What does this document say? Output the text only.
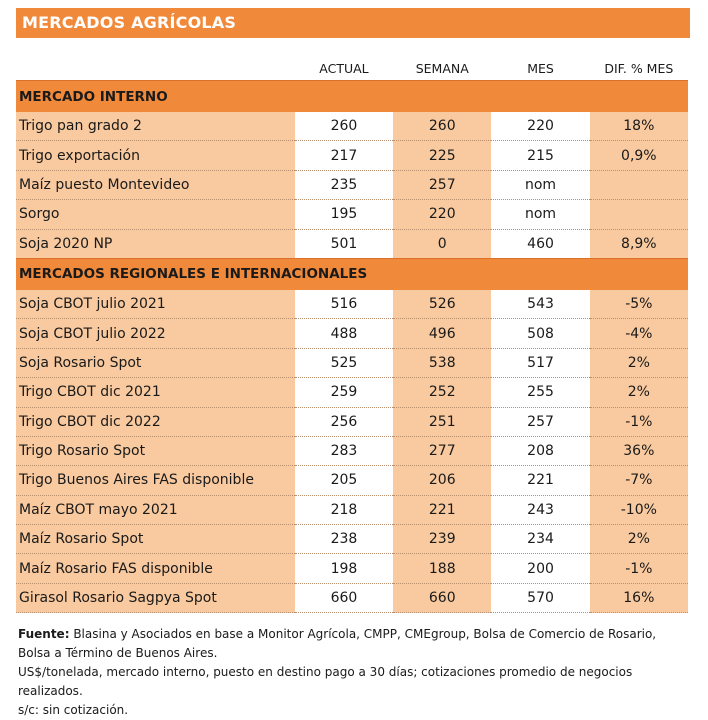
MERCADOS AGRÍCOLAS
	ACTUAL	SEMANA	MES	DIF. % MES
MERCADO INTERNO				
Trigo pan grado 2	260	260	220	18%
Trigo exportación	217	225	215	0,9%
Maíz puesto Montevideo	235	257	nom	
Sorgo	195	220	nom	
Soja 2020 NP	501	0	460	8,9%
MERCADOS REGIONALES E INTERNACIONALES				
Soja CBOT julio 2021	516	526	543	-5%
Soja CBOT julio 2022	488	496	508	-4%
Soja Rosario Spot	525	538	517	2%
Trigo CBOT dic 2021	259	252	255	2%
Trigo CBOT dic 2022	256	251	257	-1%
Trigo Rosario Spot	283	277	208	36%
Trigo Buenos Aires FAS disponible	205	206	221	-7%
Maíz CBOT mayo 2021	218	221	243	-10%
Maíz Rosario Spot	238	239	234	2%
Maíz Rosario FAS disponible	198	188	200	-1%
Girasol Rosario Sagpya Spot	660	660	570	16%
Fuente: Blasina y Asociados en base a Monitor Agrícola, CMPP, CMEgroup, Bolsa de Comercio de Rosario,
Bolsa a Término de Buenos Aires.
US$/tonelada, mercado interno, puesto en destino pago a 30 días; cotizaciones promedio de negocios realizados.
s/c: sin cotización.
